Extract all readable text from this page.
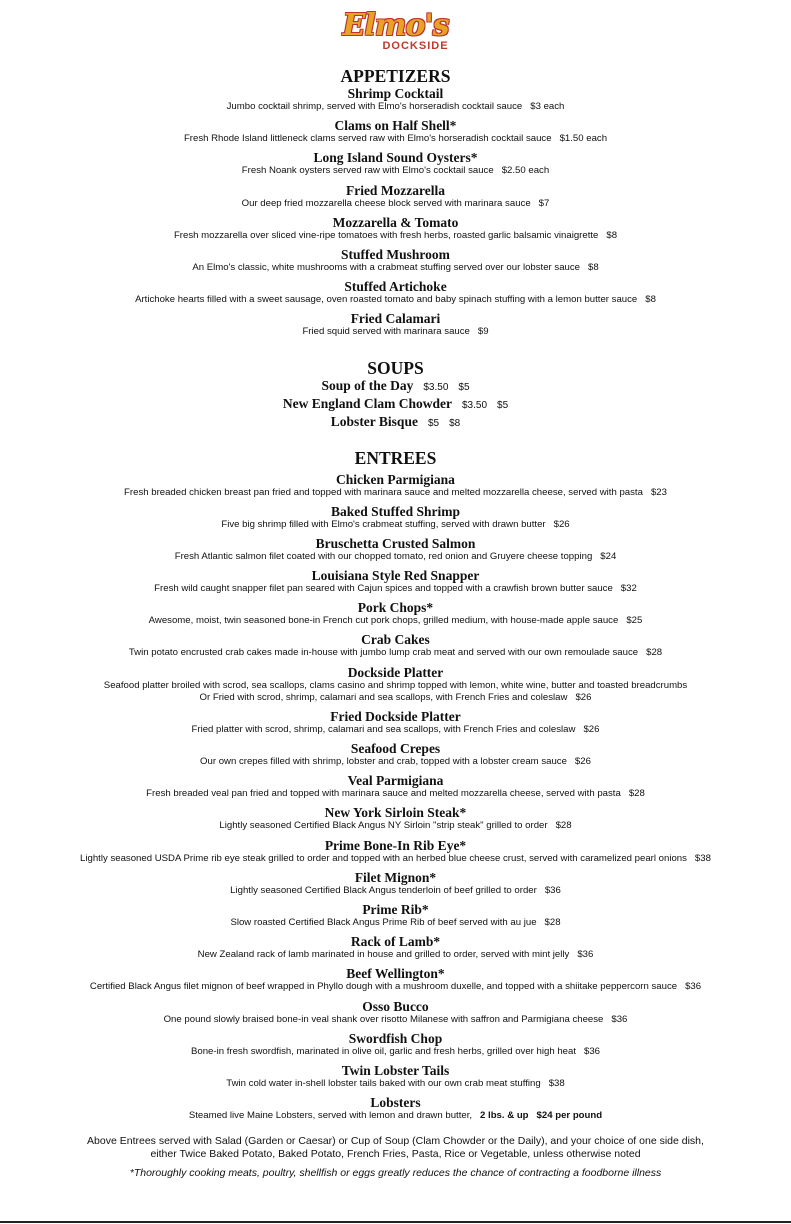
Elmo's
DOCKSIDE
APPETIZERS
Shrimp Cocktail
Jumbo cocktail shrimp, served with Elmo's horseradish cocktail sauce $3 each
Clams on Half Shell*
Fresh Rhode Island littleneck clams served raw with Elmo's horseradish cocktail sauce $1.50 each
Long Island Sound Oysters*
Fresh Noank oysters served raw with Elmo's cocktail sauce $2.50 each
Fried Mozzarella
Our deep fried mozzarella cheese block served with marinara sauce $7
Mozzarella & Tomato
Fresh mozzarella over sliced vine-ripe tomatoes with fresh herbs, roasted garlic balsamic vinaigrette $8
Stuffed Mushroom
An Elmo's classic, white mushrooms with a crabmeat stuffing served over our lobster sauce $8
Stuffed Artichoke
Artichoke hearts filled with a sweet sausage, oven roasted tomato and baby spinach stuffing with a lemon butter sauce $8
Fried Calamari
Fried squid served with marinara sauce $9
SOUPS
Soup of the Day $3.50 $5
New England Clam Chowder $3.50 $5
Lobster Bisque $5 $8
ENTREES
Chicken Parmigiana
Fresh breaded chicken breast pan fried and topped with marinara sauce and melted mozzarella cheese, served with pasta $23
Baked Stuffed Shrimp
Five big shrimp filled with Elmo's crabmeat stuffing, served with drawn butter $26
Bruschetta Crusted Salmon
Fresh Atlantic salmon filet coated with our chopped tomato, red onion and Gruyere cheese topping $24
Louisiana Style Red Snapper
Fresh wild caught snapper filet pan seared with Cajun spices and topped with a crawfish brown butter sauce $32
Pork Chops*
Awesome, moist, twin seasoned bone-in French cut pork chops, grilled medium, with house-made apple sauce $25
Crab Cakes
Twin potato encrusted crab cakes made in-house with jumbo lump crab meat and served with our own remoulade sauce $28
Dockside Platter
Seafood platter broiled with scrod, sea scallops, clams casino and shrimp topped with lemon, white wine, butter and toasted breadcrumbs
Or Fried with scrod, shrimp, calamari and sea scallops, with French Fries and coleslaw $26
Fried Dockside Platter
Fried platter with scrod, shrimp, calamari and sea scallops, with French Fries and coleslaw $26
Seafood Crepes
Our own crepes filled with shrimp, lobster and crab, topped with a lobster cream sauce $26
Veal Parmigiana
Fresh breaded veal pan fried and topped with marinara sauce and melted mozzarella cheese, served with pasta $28
New York Sirloin Steak*
Lightly seasoned Certified Black Angus NY Sirloin "strip steak" grilled to order $28
Prime Bone-In Rib Eye*
Lightly seasoned USDA Prime rib eye steak grilled to order and topped with an herbed blue cheese crust, served with caramelized pearl onions $38
Filet Mignon*
Lightly seasoned Certified Black Angus tenderloin of beef grilled to order $36
Prime Rib*
Slow roasted Certified Black Angus Prime Rib of beef served with au jue $28
Rack of Lamb*
New Zealand rack of lamb marinated in house and grilled to order, served with mint jelly $36
Beef Wellington*
Certified Black Angus filet mignon of beef wrapped in Phyllo dough with a mushroom duxelle, and topped with a shiitake peppercorn sauce $36
Osso Bucco
One pound slowly braised bone-in veal shank over risotto Milanese with saffron and Parmigiana cheese $36
Swordfish Chop
Bone-in fresh swordfish, marinated in olive oil, garlic and fresh herbs, grilled over high heat $36
Twin Lobster Tails
Twin cold water in-shell lobster tails baked with our own crab meat stuffing $38
Lobsters
Steamed live Maine Lobsters, served with lemon and drawn butter, 2 lbs. & up $24 per pound
Above Entrees served with Salad (Garden or Caesar) or Cup of Soup (Clam Chowder or the Daily), and your choice of one side dish,
either Twice Baked Potato, Baked Potato, French Fries, Pasta, Rice or Vegetable, unless otherwise noted
*Thoroughly cooking meats, poultry, shellfish or eggs greatly reduces the chance of contracting a foodborne illness
